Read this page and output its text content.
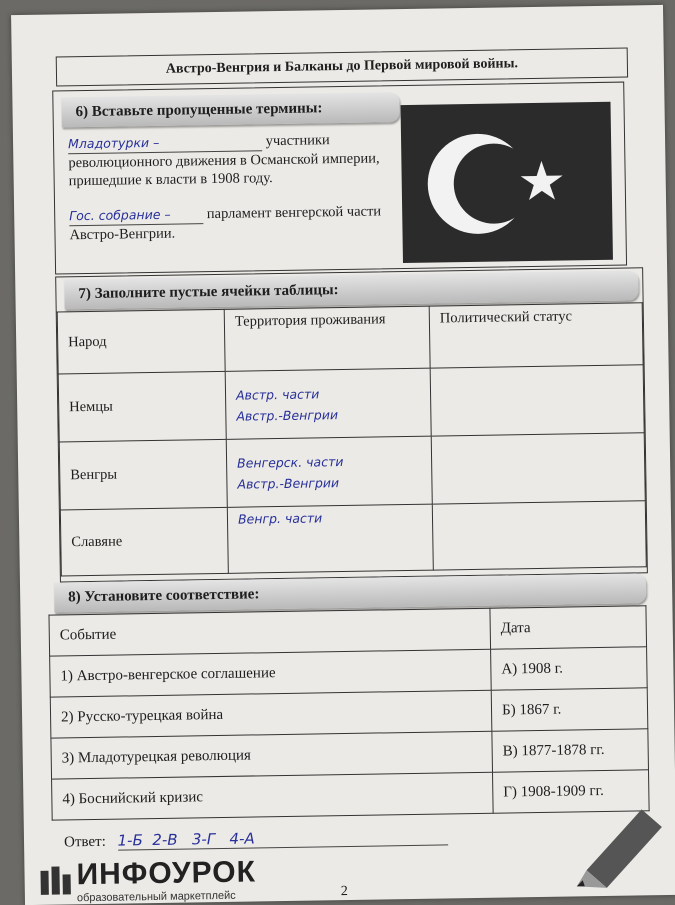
Австро-Венгрия и Балканы до Первой мировой войны.
6) Вставьте пропущенные термины:
Младотурки –	участники революционного движения в Османской империи, пришедшие к власти в 1908 году.
Гос. собрание – парламент венгерской части Австро-Венгрии.
7) Заполните пустые ячейки таблицы:
Народ	Территория проживания	Политический статус
Немцы	Австр. части
Австр.-Венгрии	

Венгры	Венгерск. части
Австр.-Венгрии	

Славяне	Венгр. части	

8) Установите соответствие:
Событие	Дата
1) Австро-венгерское соглашение	А) 1908 г.
2) Русско-турецкая война	Б) 1867 г.
3) Младотурецкая революция	В) 1877-1878 гг.
4) Боснийский кризис	Г) 1908-1909 гг.
Ответ: 1-Б  2-В   3-Г   4-А
ИНФОУРОК
образовательный маркетплейс	2
